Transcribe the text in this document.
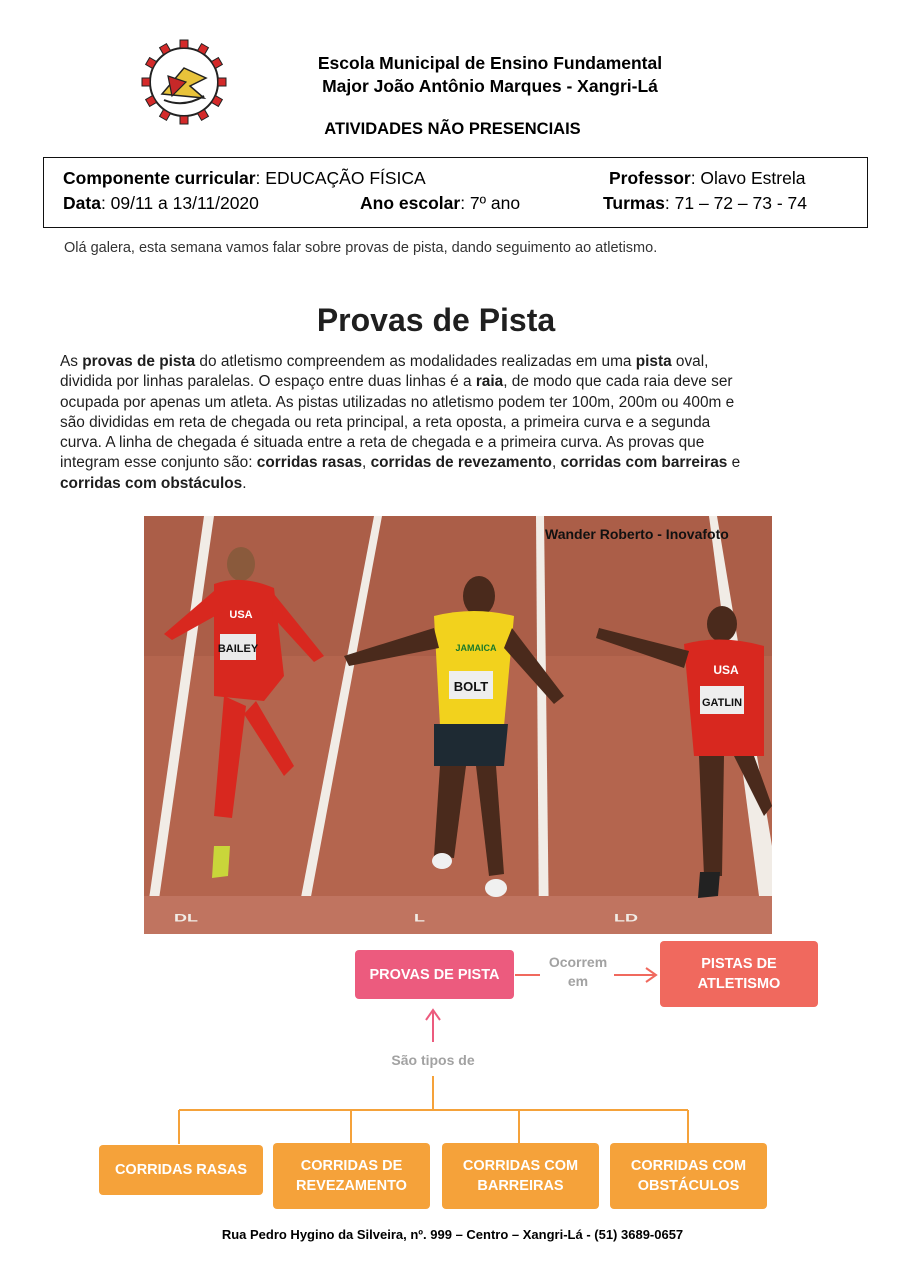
Escola Municipal de Ensino Fundamental
Major João Antônio Marques - Xangri-Lá
ATIVIDADES NÃO PRESENCIAIS
Componente curricular: EDUCAÇÃO FÍSICA	Professor: Olavo Estrela
Data: 09/11 a 13/11/2020	Ano escolar: 7º ano	Turmas: 71 – 72 – 73 - 74
Olá galera, esta semana vamos falar sobre provas de pista, dando seguimento ao atletismo.
Provas de Pista
As provas de pista do atletismo compreendem as modalidades realizadas em uma pista oval,
dividida por linhas paralelas. O espaço entre duas linhas é a raia, de modo que cada raia deve ser
ocupada por apenas um atleta. As pistas utilizadas no atletismo podem ter 100m, 200m ou 400m e
são divididas em reta de chegada ou reta principal, a reta oposta, a primeira curva e a segunda
curva. A linha de chegada é situada entre a reta de chegada e a primeira curva. As provas que
integram esse conjunto são: corridas rasas, corridas de revezamento, corridas com barreiras e
corridas com obstáculos.
DL	L	LD
BAILEY
USA
BOLT
JAMAICA
GATLIN
USA
Wander Roberto - Inovafoto
PROVAS DE PISTA
Ocorrem
em
PISTAS DE ATLETISMO
São tipos de
CORRIDAS RASAS	CORRIDAS DE REVEZAMENTO
CORRIDAS COM BARREIRAS
CORRIDAS COM OBSTÁCULOS
Rua Pedro Hygino da Silveira, nº. 999 – Centro – Xangri-Lá - (51) 3689-0657
